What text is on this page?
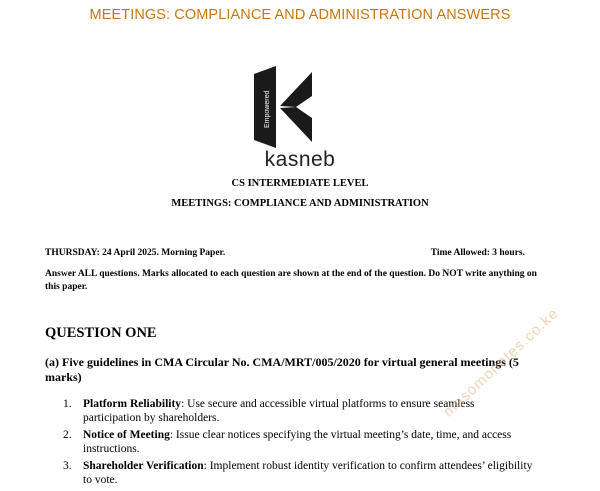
MEETINGS: COMPLIANCE AND ADMINISTRATION ANSWERS
Empowered
kasneb
CS INTERMEDIATE LEVEL
MEETINGS: COMPLIANCE AND ADMINISTRATION
THURSDAY: 24 April 2025. Morning Paper.	Time Allowed: 3 hours.
Answer ALL questions. Marks allocated to each question are shown at the end of the question. Do NOT write anything on this paper.
QUESTION ONE
(a) Five guidelines in CMA Circular No. CMA/MRT/005/2020 for virtual general meetings (5 marks)
1. Platform Reliability: Use secure and accessible virtual platforms to ensure seamless participation by shareholders.
2. Notice of Meeting: Issue clear notices specifying the virtual meeting’s date, time, and access instructions.
3. Shareholder Verification: Implement robust identity verification to confirm attendees’ eligibility to vote.
masomonotes.co.ke
